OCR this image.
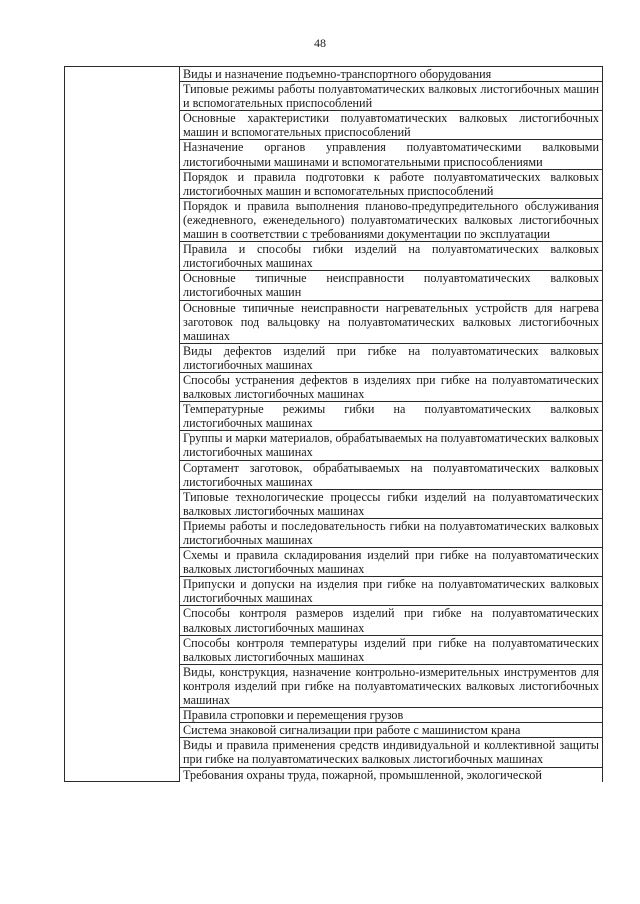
48
	Виды и назначение подъемно-транспортного оборудования
Типовые режимы работы полуавтоматических валковых листогибочных машин и вспомогательных приспособлений
Основные характеристики полуавтоматических валковых листогибочных машин и вспомогательных приспособлений
Назначение органов управления полуавтоматическими валковыми листогибочными машинами и вспомогательными приспособлениями
Порядок и правила подготовки к работе полуавтоматических валковых листогибочных машин и вспомогательных приспособлений
Порядок и правила выполнения планово-предупредительного обслуживания (ежедневного, еженедельного) полуавтоматических валковых листогибочных машин в соответствии с требованиями документации по эксплуатации
Правила и способы гибки изделий на полуавтоматических валковых листогибочных машинах
Основные типичные неисправности полуавтоматических валковых листогибочных машин
Основные типичные неисправности нагревательных устройств для нагрева заготовок под вальцовку на полуавтоматических валковых листогибочных машинах
Виды дефектов изделий при гибке на полуавтоматических валковых листогибочных машинах
Способы устранения дефектов в изделиях при гибке на полуавтоматических валковых листогибочных машинах
Температурные режимы гибки на полуавтоматических валковых листогибочных машинах
Группы и марки материалов, обрабатываемых на полуавтоматических валковых листогибочных машинах
Сортамент заготовок, обрабатываемых на полуавтоматических валковых листогибочных машинах
Типовые технологические процессы гибки изделий на полуавтоматических валковых листогибочных машинах
Приемы работы и последовательность гибки на полуавтоматических валковых листогибочных машинах
Схемы и правила складирования изделий при гибке на полуавтоматических валковых листогибочных машинах
Припуски и допуски на изделия при гибке на полуавтоматических валковых листогибочных машинах
Способы контроля размеров изделий при гибке на полуавтоматических валковых листогибочных машинах
Способы контроля температуры изделий при гибке на полуавтоматических валковых листогибочных машинах
Виды, конструкция, назначение контрольно-измерительных инструментов для контроля изделий при гибке на полуавтоматических валковых листогибочных машинах
Правила строповки и перемещения грузов
Система знаковой сигнализации при работе с машинистом крана
Виды и правила применения средств индивидуальной и коллективной защиты при гибке на полуавтоматических валковых листогибочных машинах
Требования охраны труда, пожарной, промышленной, экологической
